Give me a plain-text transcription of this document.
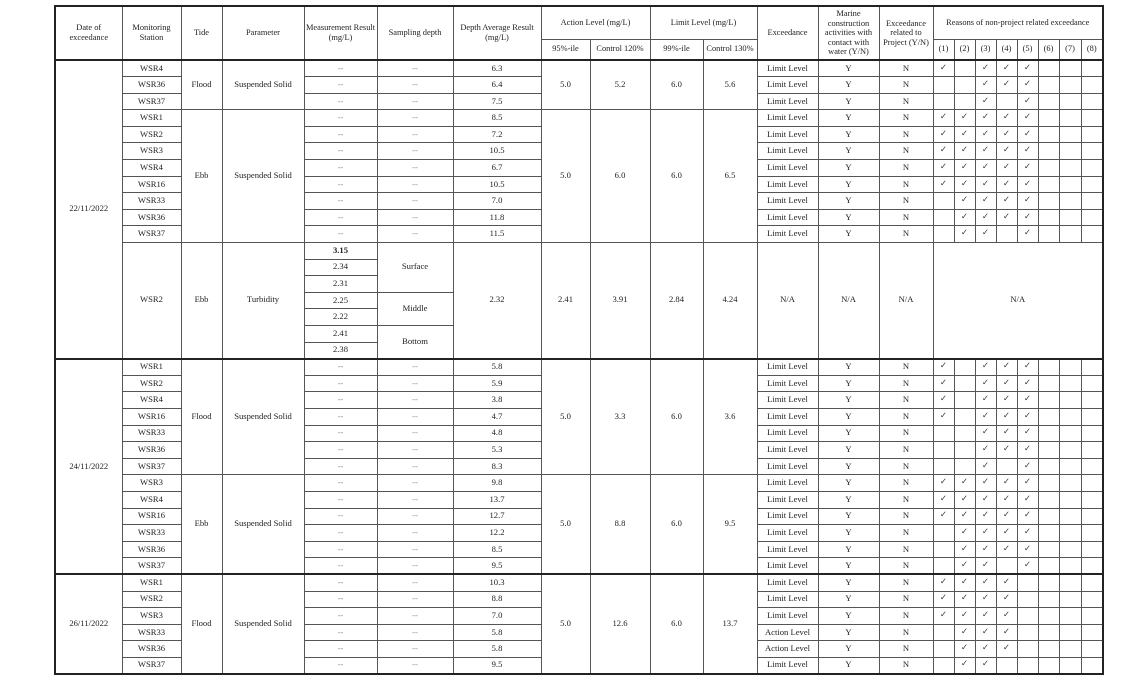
Date of exceedance	Monitoring Station	Tide	Parameter	Measurement Result (mg/L)	Sampling depth	Depth Average Result (mg/L)	Action Level (mg/L)		Limit Level (mg/L)		Exceedance	Marine construction activities with contact with water (Y/N)	Exceedance related to Project (Y/N)	Reasons of non-project related exceedance							
							95%-ile	Control 120%	99%-ile	Control 130%				(1)	(2)	(3)	(4)	(5)	(6)	(7)	(8)
22/11/2022	WSR4	Flood	Suspended Solid	--	--	6.3	5.0	5.2	6.0	5.6	Limit Level	Y	N	✓		✓	✓	✓			
	WSR36			--	--	6.4					Limit Level	Y	N			✓	✓	✓			
	WSR37			--	--	7.5					Limit Level	Y	N			✓		✓			
	WSR1	Ebb	Suspended Solid	--	--	8.5	5.0	6.0	6.0	6.5	Limit Level	Y	N	✓	✓	✓	✓	✓			
	WSR2			--	--	7.2					Limit Level	Y	N	✓	✓	✓	✓	✓			
	WSR3			--	--	10.5					Limit Level	Y	N	✓	✓	✓	✓	✓			
	WSR4			--	--	6.7					Limit Level	Y	N	✓	✓	✓	✓	✓			
	WSR16			--	--	10.5					Limit Level	Y	N	✓	✓	✓	✓	✓			
	WSR33			--	--	7.0					Limit Level	Y	N		✓	✓	✓	✓			
	WSR36			--	--	11.8					Limit Level	Y	N		✓	✓	✓	✓			
	WSR37			--	--	11.5					Limit Level	Y	N		✓	✓		✓			
	WSR2	Ebb	Turbidity	3.15	Surface	2.32	2.41	3.91	2.84	4.24	N/A	N/A	N/A	N/A							
				2.34																	
				2.31																	
				2.25	Middle																
				2.22																	
				2.41	Bottom																
				2.38																	
24/11/2022	WSR1	Flood	Suspended Solid	--	--	5.8	5.0	3.3	6.0	3.6	Limit Level	Y	N	✓		✓	✓	✓			
	WSR2			--	--	5.9					Limit Level	Y	N	✓		✓	✓	✓			
	WSR4			--	--	3.8					Limit Level	Y	N	✓		✓	✓	✓			
	WSR16			--	--	4.7					Limit Level	Y	N	✓		✓	✓	✓			
	WSR33			--	--	4.8					Limit Level	Y	N			✓	✓	✓			
	WSR36			--	--	5.3					Limit Level	Y	N			✓	✓	✓			
	WSR37			--	--	8.3					Limit Level	Y	N			✓		✓			
	WSR3	Ebb	Suspended Solid	--	--	9.8	5.0	8.8	6.0	9.5	Limit Level	Y	N	✓	✓	✓	✓	✓			
	WSR4			--	--	13.7					Limit Level	Y	N	✓	✓	✓	✓	✓			
	WSR16			--	--	12.7					Limit Level	Y	N	✓	✓	✓	✓	✓			
	WSR33			--	--	12.2					Limit Level	Y	N		✓	✓	✓	✓			
	WSR36			--	--	8.5					Limit Level	Y	N		✓	✓	✓	✓			
	WSR37			--	--	9.5					Limit Level	Y	N		✓	✓		✓			
26/11/2022	WSR1	Flood	Suspended Solid	--	--	10.3	5.0	12.6	6.0	13.7	Limit Level	Y	N	✓	✓	✓	✓				
	WSR2			--	--	8.8					Limit Level	Y	N	✓	✓	✓	✓				
	WSR3			--	--	7.0					Limit Level	Y	N	✓	✓	✓	✓				
	WSR33			--	--	5.8					Action Level	Y	N		✓	✓	✓				
	WSR36			--	--	5.8					Action Level	Y	N		✓	✓	✓				
	WSR37			--	--	9.5					Limit Level	Y	N		✓	✓					
